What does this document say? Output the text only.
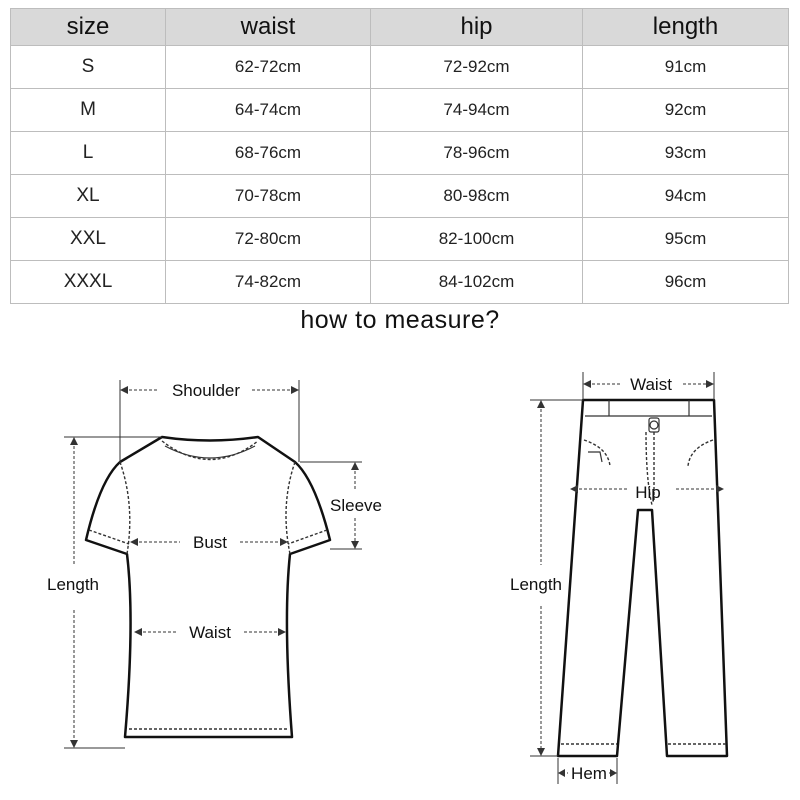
size	waist	hip	length
S	62-72cm	72-92cm	91cm
M	64-74cm	74-94cm	92cm
L	68-76cm	78-96cm	93cm
XL	70-78cm	80-98cm	94cm
XXL	72-80cm	82-100cm	95cm
XXXL	74-82cm	84-102cm	96cm
how to measure?
Shoulder
Sleeve
Bust
Waist
Length
Waist
Hip
Length
Hem
